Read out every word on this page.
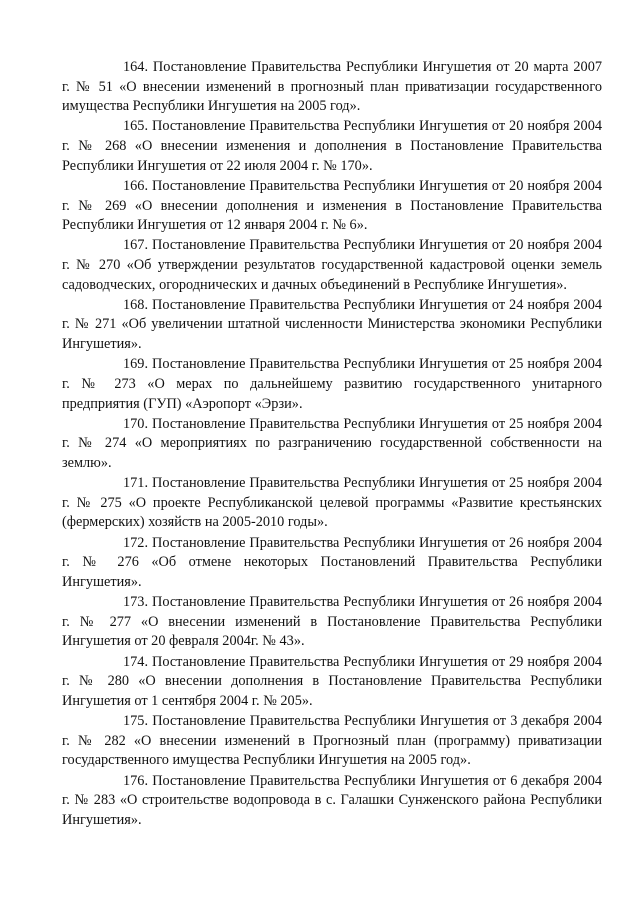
164. Постановление Правительства Республики Ингушетия от 20 марта 2007 г. № 51 «О внесении изменений в прогнозный план приватизации государственного имущества Республики Ингушетия на 2005 год».

165. Постановление Правительства Республики Ингушетия от 20 ноября 2004 г. № 268 «О внесении изменения и дополнения в Постановление Правительства Республики Ингушетия от 22 июля 2004 г. № 170».

166. Постановление Правительства Республики Ингушетия от 20 ноября 2004 г. № 269 «О внесении дополнения и изменения в Постановление Правительства Республики Ингушетия от 12 января 2004 г. № 6».

167. Постановление Правительства Республики Ингушетия от 20 ноября 2004 г. № 270 «Об утверждении результатов государственной кадастровой оценки земель садоводческих, огороднических и дачных объединений в Республике Ингушетия».

168. Постановление Правительства Республики Ингушетия от 24 ноября 2004 г. № 271 «Об увеличении штатной численности Министерства экономики Республики Ингушетия».

169. Постановление Правительства Республики Ингушетия от 25 ноября 2004 г. № 273 «О мерах по дальнейшему развитию государственного унитарного предприятия (ГУП) «Аэропорт «Эрзи».

170. Постановление Правительства Республики Ингушетия от 25 ноября 2004 г. № 274 «О мероприятиях по разграничению государственной собственности на землю».

171. Постановление Правительства Республики Ингушетия от 25 ноября 2004 г. № 275 «О проекте Республиканской целевой программы «Развитие крестьянских (фермерских) хозяйств на 2005-2010 годы».

172. Постановление Правительства Республики Ингушетия от 26 ноября 2004 г. № 276 «Об отмене некоторых Постановлений Правительства Республики Ингушетия».

173. Постановление Правительства Республики Ингушетия от 26 ноября 2004 г. № 277 «О внесении изменений в Постановление Правительства Республики Ингушетия от 20 февраля 2004г. № 43».

174. Постановление Правительства Республики Ингушетия от 29 ноября 2004 г. № 280 «О внесении дополнения в Постановление Правительства Республики Ингушетия от 1 сентября 2004 г. № 205».

175. Постановление Правительства Республики Ингушетия от 3 декабря 2004 г. № 282 «О внесении изменений в Прогнозный план (программу) приватизации государственного имущества Республики Ингушетия на 2005 год».

176. Постановление Правительства Республики Ингушетия от 6 декабря 2004 г. № 283 «О строительстве водопровода в с. Галашки Сунженского района Республики Ингушетия».
